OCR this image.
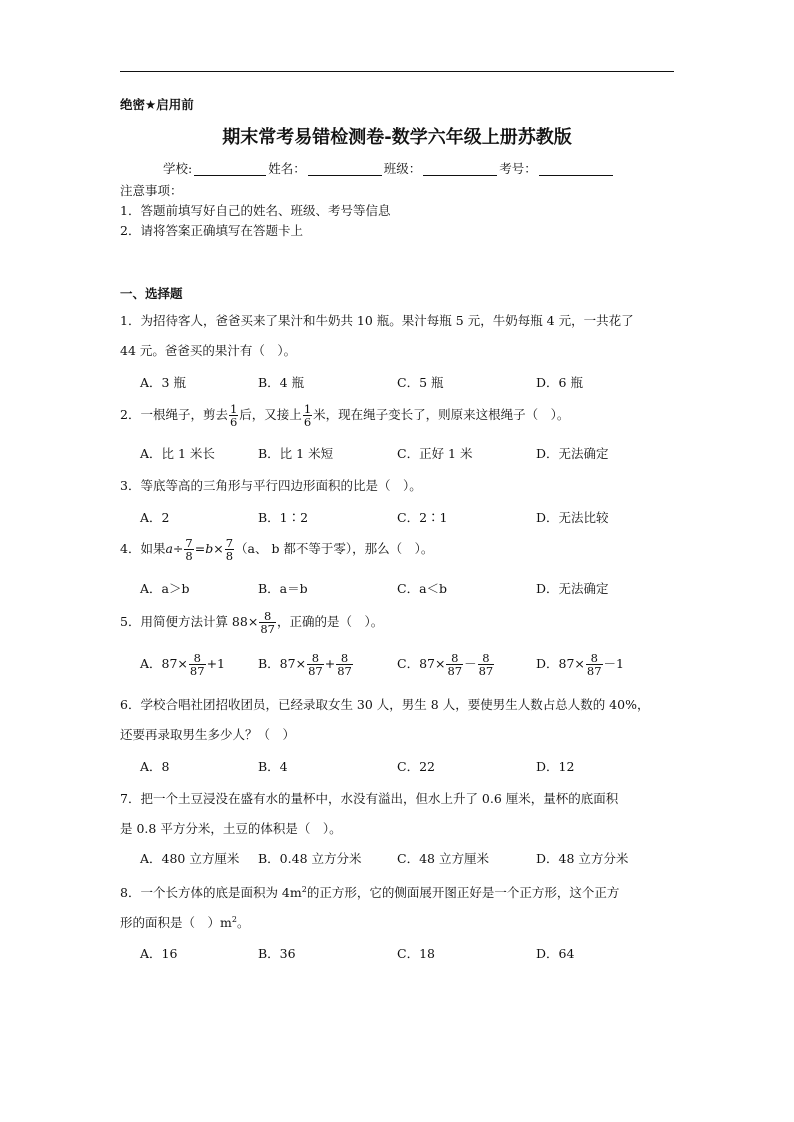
绝密★启用前
期末常考易错检测卷-数学六年级上册苏教版
学校:	姓名：	班级：	考号：
注意事项：
1．答题前填写好自己的姓名、班级、考号等信息
2．请将答案正确填写在答题卡上
一、选择题
1．为招待客人，爸爸买来了果汁和牛奶共 10 瓶。果汁每瓶 5 元，牛奶每瓶 4 元，一共花了
44 元。爸爸买的果汁有（　）。
A．3 瓶	B．4 瓶	C．5 瓶	D．6 瓶
2．一根绳子，剪去 $\frac{1}{6}$ 后，又接上 $\frac{1}{6}$ 米，现在绳子变长了，则原来这根绳子（　）。
A．比 1 米长	B．比 1 米短	C．正好 1 米	D．无法确定
3．等底等高的三角形与平行四边形面积的比是（　）。
A．2	B．1∶2	C．2∶1	D．无法比较
4．如果 $a \div \frac{7}{8} = b \times \frac{7}{8} (a$、 b 都不等于零），那么（　）。
A．a＞b	B．a＝b	C．a＜b	D．无法确定
5．用简便方法计算 $88\times \frac{8}{87}$ ，正确的是（　）。
A．$87\times \frac{8}{87} +1$	B．$87\times \frac{8}{87} + \frac{8}{87}$	C．$87\times \frac{8}{87} - \frac{8}{87}$	D．$87\times \frac{8}{87} -1$
6．学校合唱社团招收团员，已经录取女生 30 人，男生 8 人，要使男生人数占总人数的 40%，
还要再录取男生多少人？（　）
A．8	B．4	C．22	D．12
7．把一个土豆浸没在盛有水的量杯中，水没有溢出，但水上升了 0.6 厘米，量杯的底面积
是 0.8 平方分米，土豆的体积是（　）。
A．480 立方厘米 B．0.48 立方分米	C．48 立方厘米	D．48 立方分米
8．一个长方体的底是面积为 $4m^2$的正方形，它的侧面展开图正好是一个正方形，这个正方
形的面积是（　）$m^2$。
A．16	B．36	C．18	D．64
